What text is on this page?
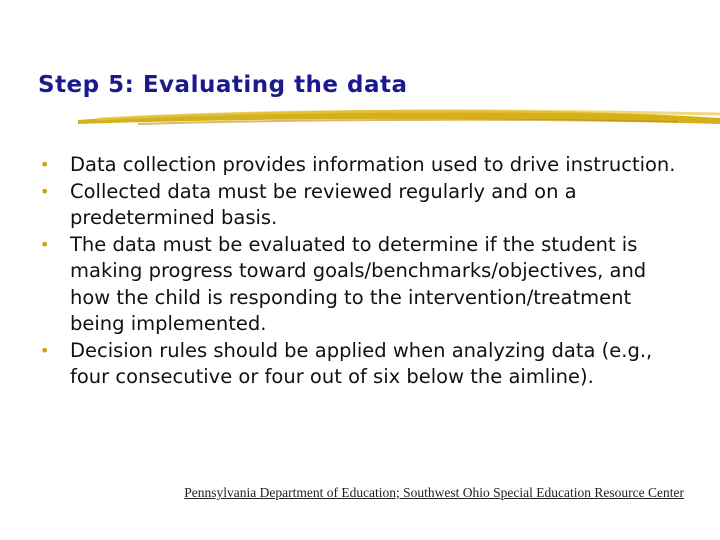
Step 5: Evaluating the data
• Data collection provides information used to drive instruction.
• Collected data must be reviewed regularly and on a predetermined basis.
• The data must be evaluated to determine if the student is making progress toward goals/benchmarks/objectives, and how the child is responding to the intervention/treatment being implemented.
• Decision rules should be applied when analyzing data (e.g., four consecutive or four out of six below the aimline).
Pennsylvania Department of Education; Southwest Ohio Special Education Resource Center
